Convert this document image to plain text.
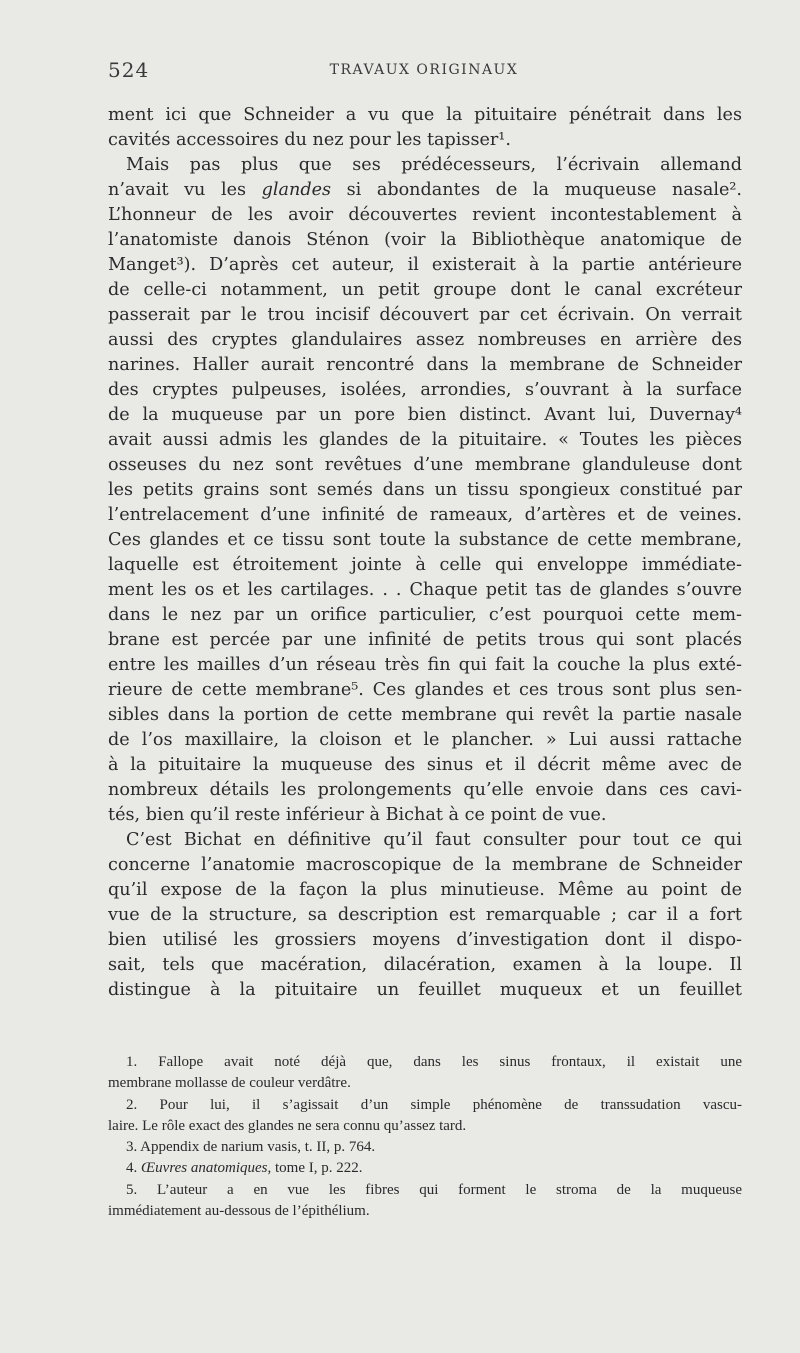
524	TRAVAUX ORIGINAUX
ment ici que Schneider a vu que la pituitaire pénétrait dans les
cavités accessoires du nez pour les tapisser¹.
Mais pas plus que ses prédécesseurs, l’écrivain allemand
n’avait vu les glandes si abondantes de la muqueuse nasale².
L’honneur de les avoir découvertes revient incontestablement à
l’anatomiste danois Sténon (voir la Bibliothèque anatomique de
Manget³). D’après cet auteur, il existerait à la partie antérieure
de celle-ci notamment, un petit groupe dont le canal excréteur
passerait par le trou incisif découvert par cet écrivain. On verrait
aussi des cryptes glandulaires assez nombreuses en arrière des
narines. Haller aurait rencontré dans la membrane de Schneider
des cryptes pulpeuses, isolées, arrondies, s’ouvrant à la surface
de la muqueuse par un pore bien distinct. Avant lui, Duvernay⁴
avait aussi admis les glandes de la pituitaire. « Toutes les pièces
osseuses du nez sont revêtues d’une membrane glanduleuse dont
les petits grains sont semés dans un tissu spongieux constitué par
l’entrelacement d’une infinité de rameaux, d’artères et de veines.
Ces glandes et ce tissu sont toute la substance de cette membrane,
laquelle est étroitement jointe à celle qui enveloppe immédiate-
ment les os et les cartilages. . . Chaque petit tas de glandes s’ouvre
dans le nez par un orifice particulier, c’est pourquoi cette mem-
brane est percée par une infinité de petits trous qui sont placés
entre les mailles d’un réseau très fin qui fait la couche la plus exté-
rieure de cette membrane⁵. Ces glandes et ces trous sont plus sen-
sibles dans la portion de cette membrane qui revêt la partie nasale
de l’os maxillaire, la cloison et le plancher. » Lui aussi rattache
à la pituitaire la muqueuse des sinus et il décrit même avec de
nombreux détails les prolongements qu’elle envoie dans ces cavi-
tés, bien qu’il reste inférieur à Bichat à ce point de vue.
C’est Bichat en définitive qu’il faut consulter pour tout ce qui
concerne l’anatomie macroscopique de la membrane de Schneider
qu’il expose de la façon la plus minutieuse. Même au point de
vue de la structure, sa description est remarquable ; car il a fort
bien utilisé les grossiers moyens d’investigation dont il dispo-
sait, tels que macération, dilacération, examen à la loupe. Il
distingue à la pituitaire un feuillet muqueux et un feuillet
1. Fallope avait noté déjà que, dans les sinus frontaux, il existait une
membrane mollasse de couleur verdâtre.
2. Pour lui, il s’agissait d’un simple phénomène de transsudation vascu-
laire. Le rôle exact des glandes ne sera connu qu’assez tard.
3. Appendix de narium vasis, t. II, p. 764.
4. Œuvres anatomiques, tome I, p. 222.
5. L’auteur a en vue les fibres qui forment le stroma de la muqueuse
immédiatement au-dessous de l’épithélium.
